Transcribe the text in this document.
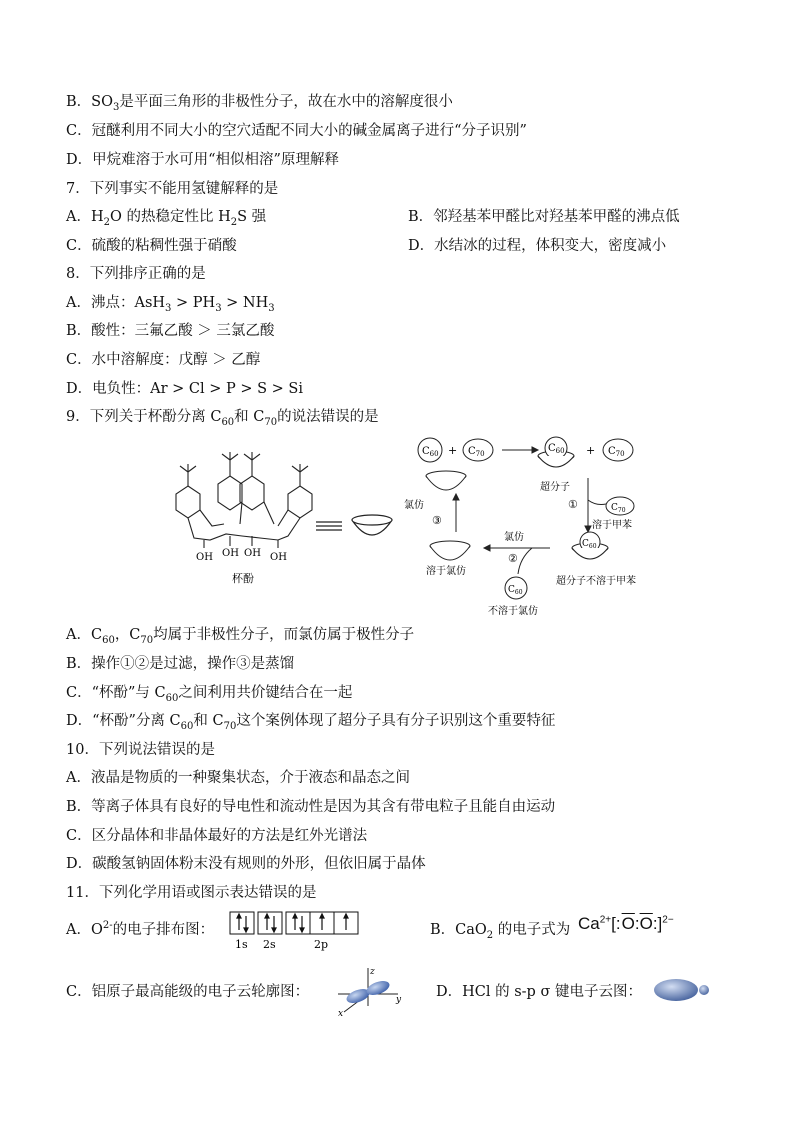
B．$SO_3$是平面三角形的非极性分子，故在水中的溶解度很小
C．冠醚利用不同大小的空穴适配不同大小的碱金属离子进行“分子识别”
D．甲烷难溶于水可用“相似相溶”原理解释
7．下列事实不能用氢键解释的是
A．$H_2O$ 的热稳定性比 $H_2S$ 强	B．邻羟基苯甲醛比对羟基苯甲醛的沸点低
C．硫酸的粘稠性强于硝酸	D．水结冰的过程，体积变大，密度减小
8．下列排序正确的是
A．沸点：$AsH_3 > PH_3 > NH_3$
B．酸性：三氟乙酸 ＞ 三氯乙酸
C．水中溶解度：戊醇 ＞ 乙醇
D．电负性：Ar > Cl > P > S > Si
9．下列关于杯酚分离 $C_{60}$和 $C_{70}$的说法错误的是
OH OH OH OH
杯酚
$C_{60}$	$C_{70}$	$C_{60}$	$C_{70}$
+	+
超分子
①	$C_{70}$
溶于甲苯
$C_{60}$
超分子不溶于甲苯
氯仿
②
$C_{60}$
不溶于氯仿
溶于氯仿
③
氯仿
A．$C_{60}$，$C_{70}$均属于非极性分子，而氯仿属于极性分子
B．操作①②是过滤，操作③是蒸馏
C．“杯酚”与 $C_{60}$之间利用共价键结合在一起
D．“杯酚”分离 $C_{60}$和 $C_{70}$这个案例体现了超分子具有分子识别这个重要特征
10．下列说法错误的是
A．液晶是物质的一种聚集状态，介于液态和晶态之间
B．等离子体具有良好的导电性和流动性是因为其含有带电粒子且能自由运动
C．区分晶体和非晶体最好的方法是红外光谱法
D．碳酸氢钠固体粉末没有规则的外形，但依旧属于晶体
11．下列化学用语或图示表达错误的是
A．$O^{2-}$的电子排布图：
1s 2s	2p
B．CaO$_2$ 的电子式为 $Ca^{2+}[:\overline{O}:\overline{O}:]^{2-}$
C．铝原子最高能级的电子云轮廓图：
z
y
x
D．HCl 的 s-p σ 键电子云图：
